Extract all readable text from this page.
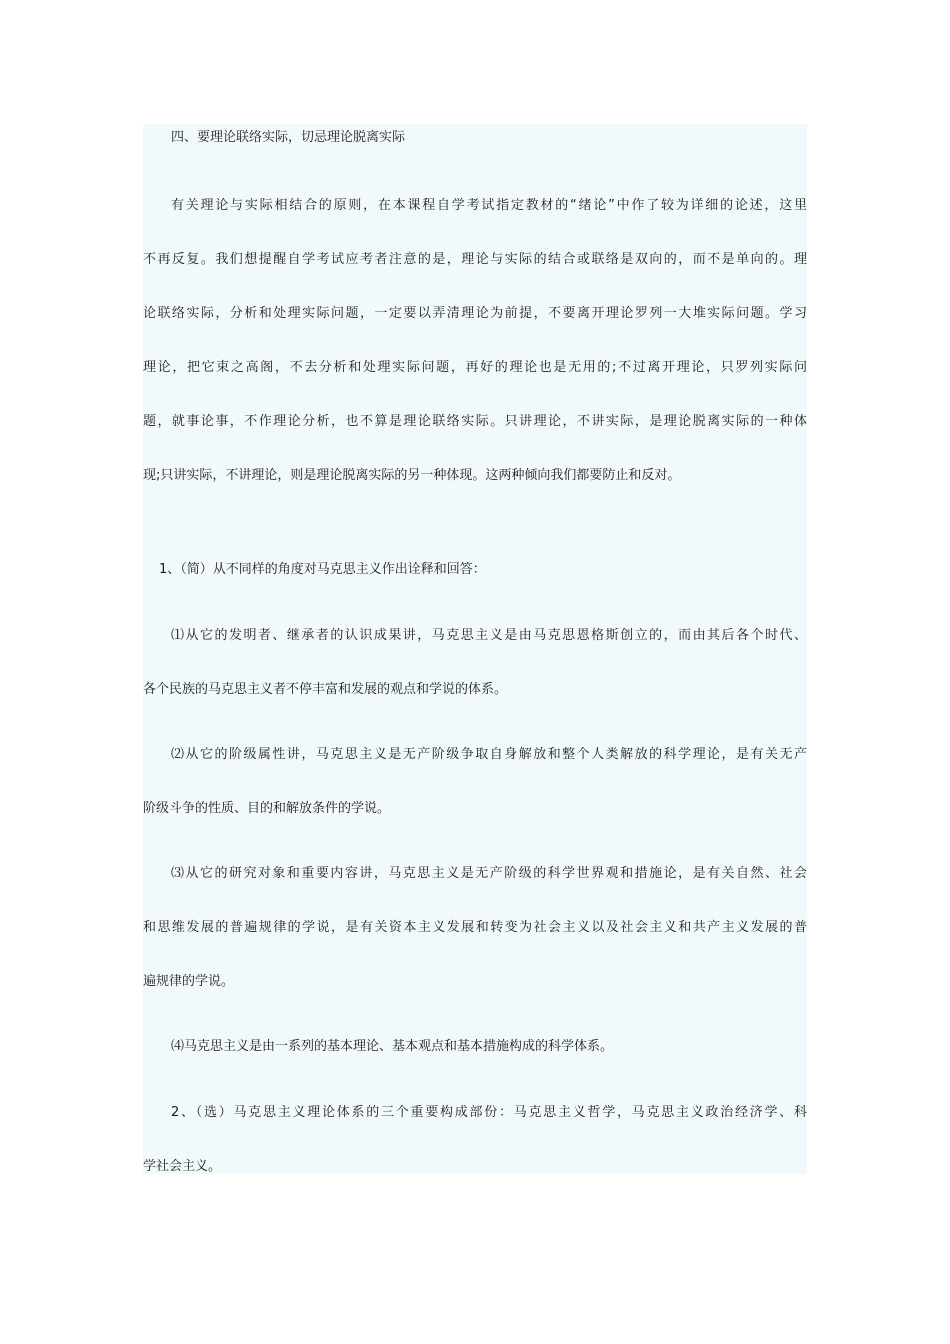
四、要理论联络实际，切忌理论脱离实际
有关理论与实际相结合的原则，在本课程自学考试指定教材的“绪论”中作了较为详细的论述，这里
不再反复。我们想提醒自学考试应考者注意的是，理论与实际的结合或联络是双向的，而不是单向的。理
论联络实际，分析和处理实际问题，一定要以弄清理论为前提，不要离开理论罗列一大堆实际问题。学习
理论，把它束之高阁，不去分析和处理实际问题，再好的理论也是无用的;不过离开理论，只罗列实际问
题，就事论事，不作理论分析，也不算是理论联络实际。只讲理论，不讲实际，是理论脱离实际的一种体
现;只讲实际，不讲理论，则是理论脱离实际的另一种体现。这两种倾向我们都要防止和反对。
1、（简）从不同样的角度对马克思主义作出诠释和回答：
⑴从它的发明者、继承者的认识成果讲，马克思主义是由马克思恩格斯创立的，而由其后各个时代、
各个民族的马克思主义者不停丰富和发展的观点和学说的体系。
⑵从它的阶级属性讲，马克思主义是无产阶级争取自身解放和整个人类解放的科学理论，是有关无产
阶级斗争的性质、目的和解放条件的学说。
⑶从它的研究对象和重要内容讲，马克思主义是无产阶级的科学世界观和措施论，是有关自然、社会
和思维发展的普遍规律的学说，是有关资本主义发展和转变为社会主义以及社会主义和共产主义发展的普
遍规律的学说。
⑷马克思主义是由一系列的基本理论、基本观点和基本措施构成的科学体系。
2、（选）马克思主义理论体系的三个重要构成部份：马克思主义哲学，马克思主义政治经济学、科
学社会主义。
